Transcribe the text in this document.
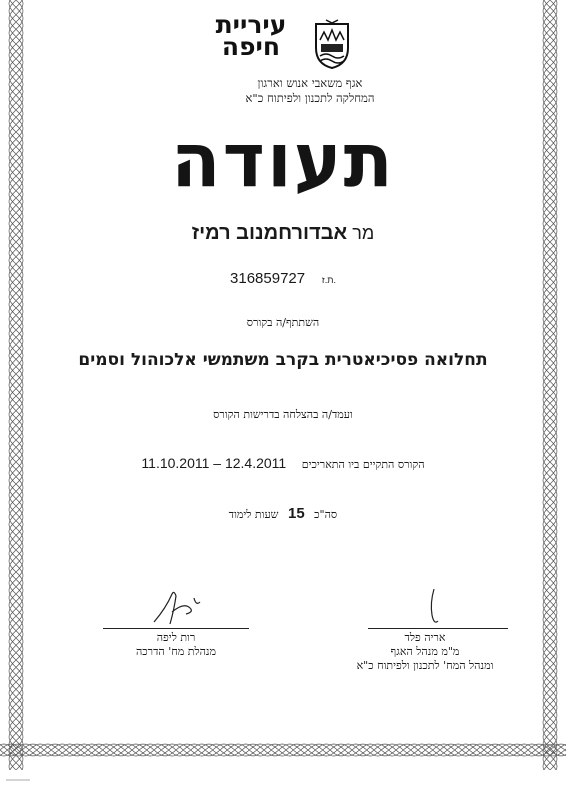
עיריית
חיפה
אגף משאבי אנוש וארגון
המחלקה לתכנון ולפיתוח כ"א
תעודה
מר אבדורחמנוב רמיז
316859727 ת.ז.
השתתף/ה בקורס
תחלואה פסיכיאטרית בקרב משתמשי אלכוהול וסמים
ועמד/ה בהצלחה בדרישות הקורס
11.10.2011 – 12.4.2011 הקורס התקיים ביו התאריכים
סה"כ 15 שעות לימוד
רות ליפה
מנהלת מח' הדרכה
אריה פלד
מ"מ מנהל האגף
ומנהל המח' לתכנון ולפיתוח כ"א
